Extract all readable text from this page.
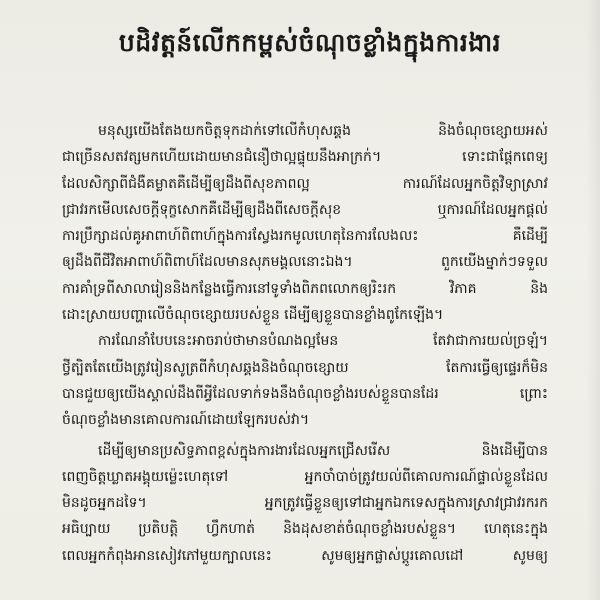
បដិវត្តន៍លើកកម្ពស់ចំណុចខ្លាំងក្នុងការងារ
មនុស្សយើងតែងយកចិត្តទុកដាក់ទៅលើកំហុសឆ្គង និងចំណុចខ្សោយអស់
ជាច្រើនសតវត្សមកហើយដោយមានជំនឿថាល្អផ្ទុយនឹងអាក្រក់។ ទោះជាផ្តែកពេទ្យ
ដែលសិក្សាពីជំងឺគម្លាតគឺដើម្បីឲ្យដឹងពីសុខភាពល្អ ការណ៍ដែលអ្នកចិត្តវិទ្យាស្រាវ
ជ្រាវរកមើលសេចក្តីទុក្ខសោកគឺដើម្បីឲ្យដឹងពីសេចក្តីសុខ ឬការណ៍ដែលអ្នកផ្តល់
ការប្រឹក្សាដល់គូអាពាហ៍ពិពាហ៍ក្នុងការស្វែងរកមូលហេតុនៃការលែងលះ គឺដើម្បី
ឲ្យដឹងពីជីវិតអាពាហ៍ពិពាហ៍ដែលមានសុភមង្គលនោះឯង។ ពួកយើងម្នាក់ៗទទួល
ការគាំទ្រពីសាលារៀននិងកន្លែងធ្វើការនៅទូទាំងពិភពលោកឲ្យរិះរក វិភាគ និង
ដោះស្រាយបញ្ហាលើចំណុចខ្សោយរបស់ខ្លួន ដើម្បីឲ្យខ្លួនបានខ្លាំងពូកែឡើង។
ការណែនាំបែបនេះអាចរាប់ថាមានបំណងល្អមែន តែវាជាការយល់ច្រឡំ។
ថ្វីត្បិតតែយើងត្រូវរៀនសូត្រពីកំហុសឆ្គងនិងចំណុចខ្សោយ តែការធ្វើឲ្យផ្ទេរក៏មិន
បានជួយឲ្យយើងស្គាល់ដឹងពីអ្វីដែលទាក់ទងនឹងចំណុចខ្លាំងរបស់ខ្លួនបានដែរ ព្រោះ
ចំណុចខ្លាំងមានគោលការណ៍ដោយឡែករបស់វា។
ដើម្បីឲ្យមានប្រសិទ្ធភាពខ្ពស់ក្នុងការងារដែលអ្នកជ្រើសរើស និងដើម្បីបាន
ពេញចិត្តឃ្លាតអង្គុយម្ល៉េះហេតុទៅ អ្នកចាំបាច់ត្រូវយល់ពីគោលការណ៍ផ្ទាល់ខ្លួនដែល
មិនដូចអ្នកដទៃ។ អ្នកត្រូវធ្វើខ្លួនឲ្យទៅជាអ្នកឯកទេសក្នុងការស្រាវជ្រាវរករក
អធិប្បាយ ប្រតិបត្តិ ហ្វឹកហាត់ និងដុសខាត់ចំណុចខ្លាំងរបស់ខ្លួន។ ហេតុនេះក្នុង
ពេលអ្នកកំពុងអានសៀវភៅមួយក្បាលនេះ សូមឲ្យអ្នកផ្លាស់ប្តូរគោលដៅ សូមឲ្យ
